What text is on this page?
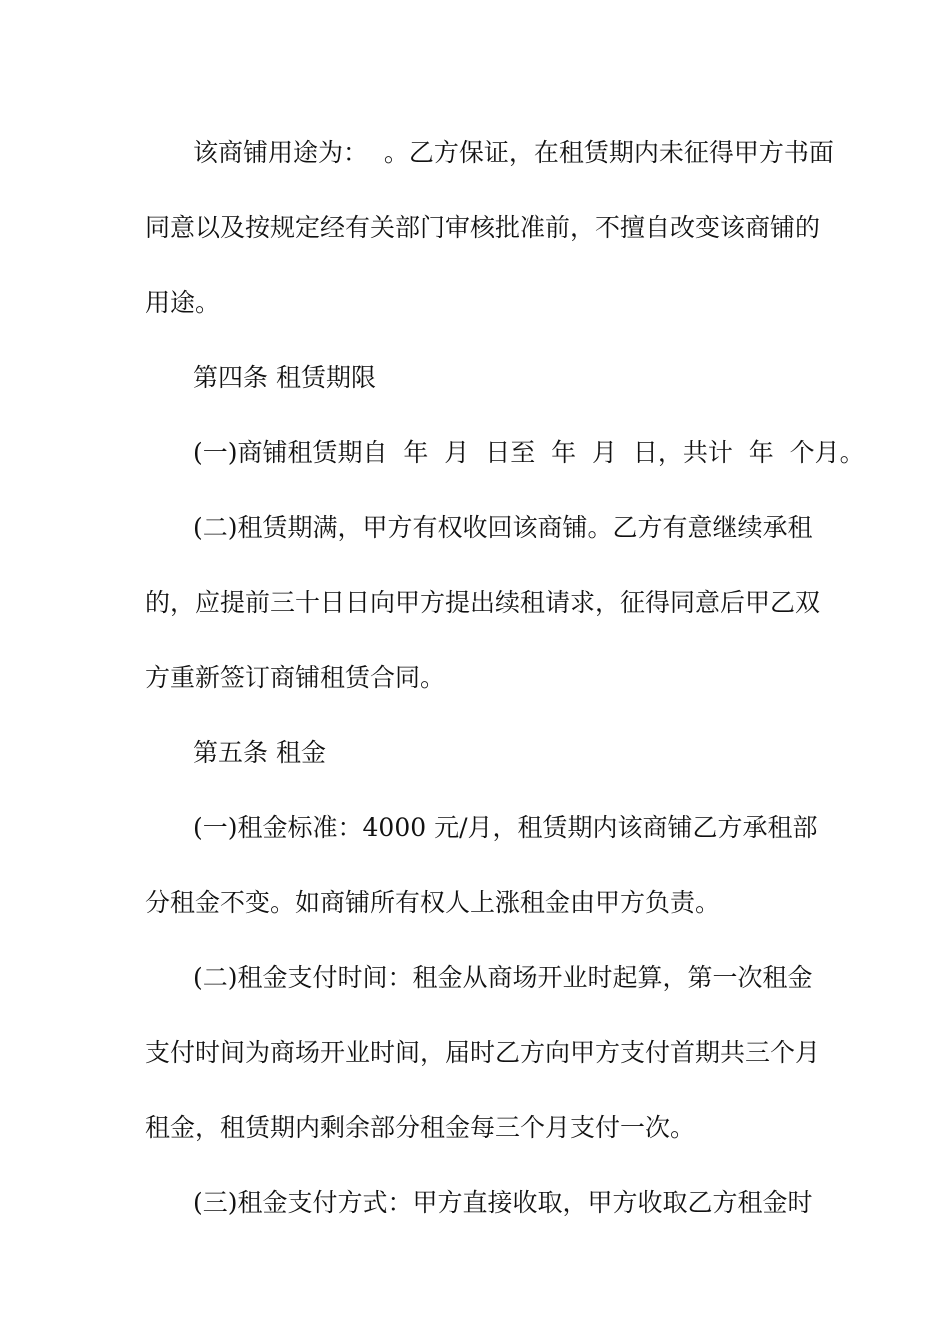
该商铺用途为：  。乙方保证，在租赁期内未征得甲方书面
同意以及按规定经有关部门审核批准前，不擅自改变该商铺的
用途。
第四条 租赁期限
(一)商铺租赁期自  年  月  日至  年  月  日，共计  年  个月。
(二)租赁期满，甲方有权收回该商铺。乙方有意继续承租
的，应提前三十日日向甲方提出续租请求，征得同意后甲乙双
方重新签订商铺租赁合同。
第五条 租金
(一)租金标准：4000 元/月，租赁期内该商铺乙方承租部
分租金不变。如商铺所有权人上涨租金由甲方负责。
(二)租金支付时间：租金从商场开业时起算，第一次租金
支付时间为商场开业时间，届时乙方向甲方支付首期共三个月
租金，租赁期内剩余部分租金每三个月支付一次。
(三)租金支付方式：甲方直接收取，甲方收取乙方租金时
